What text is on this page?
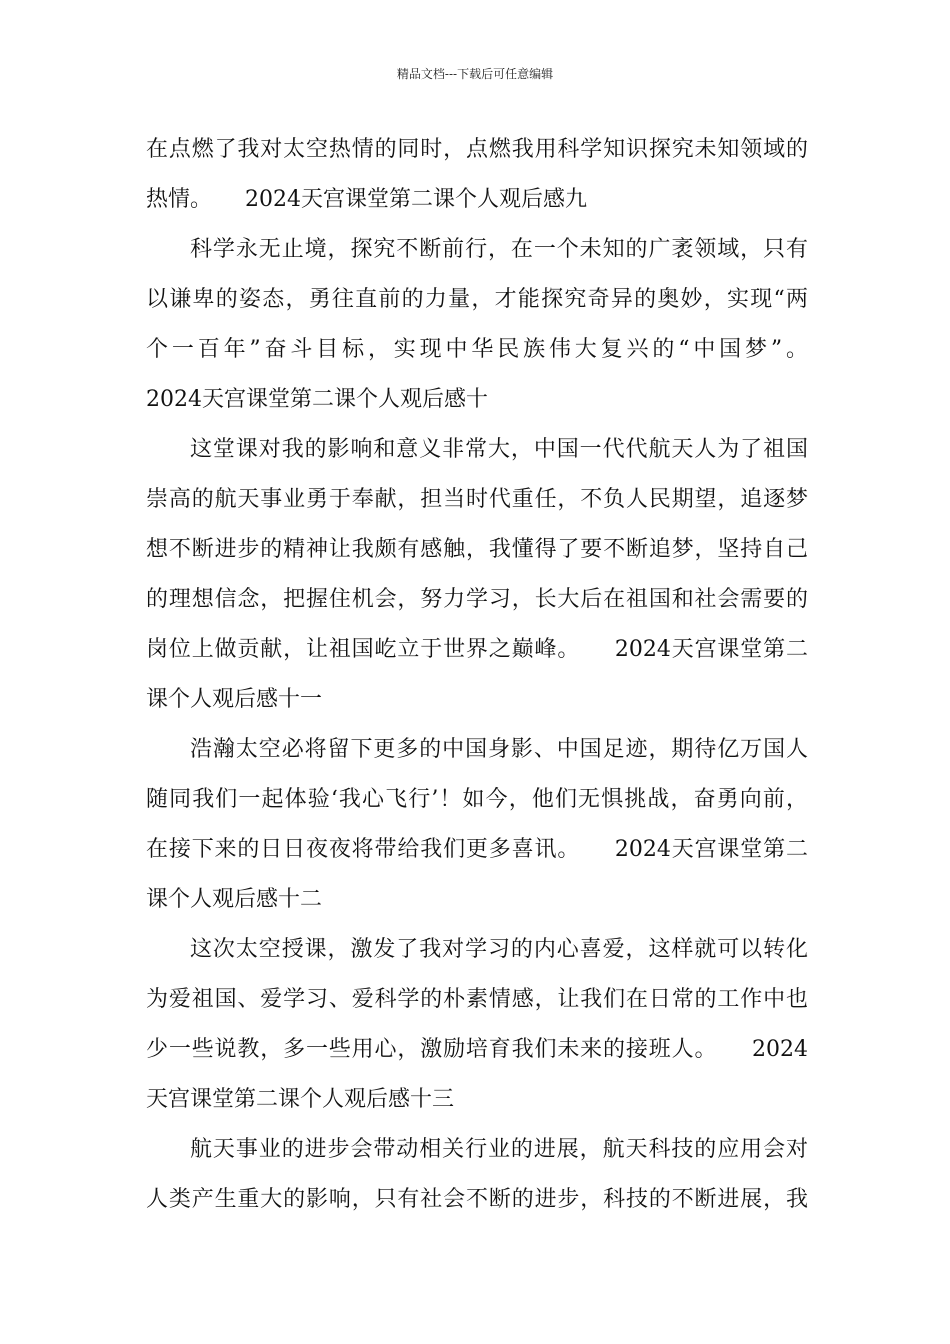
精品文档---下载后可任意编辑
在点燃了我对太空热情的同时，点燃我用科学知识探究未知领域的
热情。　　2024天宫课堂第二课个人观后感九
科学永无止境，探究不断前行，在一个未知的广袤领域，只有
以谦卑的姿态，勇往直前的力量，才能探究奇异的奥妙，实现“两
个一百年”奋斗目标，实现中华民族伟大复兴的“中国梦”。
2024天宫课堂第二课个人观后感十
这堂课对我的影响和意义非常大，中国一代代航天人为了祖国
崇高的航天事业勇于奉献，担当时代重任，不负人民期望，追逐梦
想不断进步的精神让我颇有感触，我懂得了要不断追梦，坚持自己
的理想信念，把握住机会，努力学习，长大后在祖国和社会需要的
岗位上做贡献，让祖国屹立于世界之巅峰。　　2024天宫课堂第二
课个人观后感十一
浩瀚太空必将留下更多的中国身影、中国足迹，期待亿万国人
随同我们一起体验‘我心飞行’！如今，他们无惧挑战，奋勇向前，
在接下来的日日夜夜将带给我们更多喜讯。　　2024天宫课堂第二
课个人观后感十二
这次太空授课，激发了我对学习的内心喜爱，这样就可以转化
为爱祖国、爱学习、爱科学的朴素情感，让我们在日常的工作中也
少一些说教，多一些用心，激励培育我们未来的接班人。　　2024
天宫课堂第二课个人观后感十三
航天事业的进步会带动相关行业的进展，航天科技的应用会对
人类产生重大的影响，只有社会不断的进步，科技的不断进展，我
